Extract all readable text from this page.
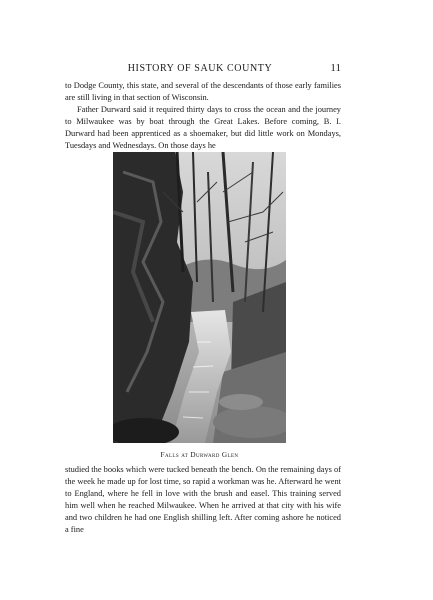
HISTORY OF SAUK COUNTY	11

to Dodge County, this state, and several of the descendants of those early families are still living in that section of Wisconsin.

Father Durward said it required thirty days to cross the ocean and the journey to Milwaukee was by boat through the Great Lakes. Before coming, B. I. Durward had been apprenticed as a shoemaker, but did little work on Mondays, Tuesdays and Wednesdays. On those days he

Falls at Durward Glen

studied the books which were tucked beneath the bench. On the remaining days of the week he made up for lost time, so rapid a workman was he. Afterward he went to England, where he fell in love with the brush and easel. This training served him well when he reached Milwaukee. When he arrived at that city with his wife and two children he had one English shilling left. After coming ashore he noticed a fine
